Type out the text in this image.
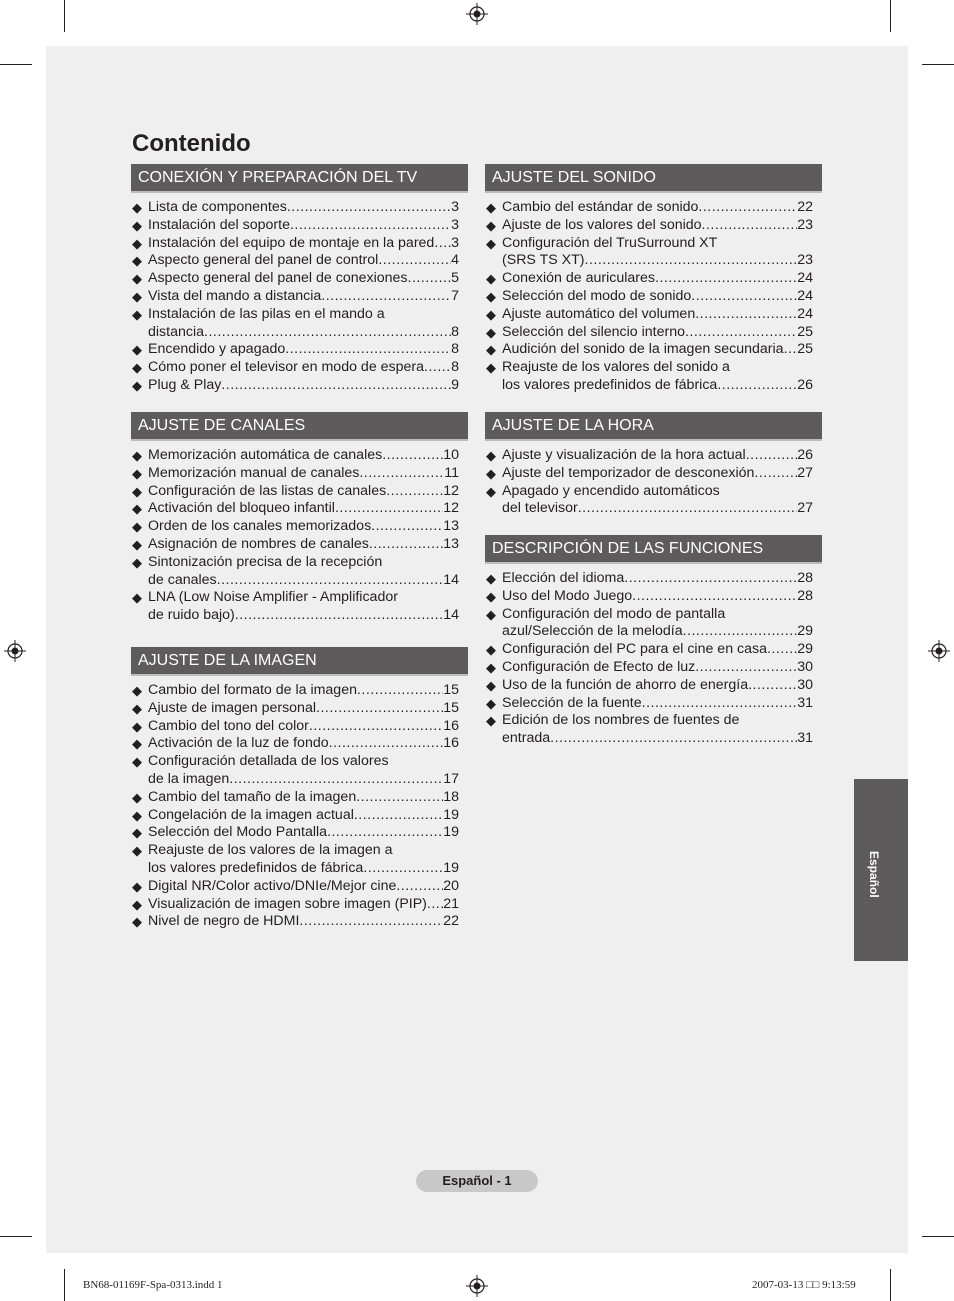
Contenido
CONEXIÓN Y PREPARACIÓN DEL TV
◆ Lista de componentes .....	3
◆ Instalación del soporte .....	3
◆ Instalación del equipo de montaje en la pared ..... 3
◆ Aspecto general del panel de control .....	4
◆ Aspecto general del panel de conexiones .....	5
◆ Vista del mando a distancia .....	7
◆ Instalación de las pilas en el mando a
distancia .....	8
◆ Encendido y apagado .....	8
◆ Cómo poner el televisor en modo de espera ..... 8
◆ Plug & Play .....	9
AJUSTE DE CANALES
◆ Memorización automática de canales .....	10
◆ Memorización manual de canales .....	11
◆ Configuración de las listas de canales .....	12
◆ Activación del bloqueo infantil .....	12
◆ Orden de los canales memorizados .....	13
◆ Asignación de nombres de canales .....	13
◆ Sintonización precisa de la recepción
de canales .....	14
◆ LNA (Low Noise Amplifier - Amplificador
de ruido bajo) .....	14
AJUSTE DE LA IMAGEN
◆ Cambio del formato de la imagen .....	15
◆ Ajuste de imagen personal .....	15
◆ Cambio del tono del color .....	16
◆ Activación de la luz de fondo .....	16
◆ Configuración detallada de los valores
de la imagen .....	17
◆ Cambio del tamaño de la imagen .....	18
◆ Congelación de la imagen actual .....	19
◆ Selección del Modo Pantalla .....	19
◆ Reajuste de los valores de la imagen a
los valores predefinidos de fábrica .....	19
◆ Digital NR/Color activo/DNIe/Mejor cine .....	20
◆ Visualización de imagen sobre imagen (PIP) ..... 21
◆ Nivel de negro de HDMI .....	22
AJUSTE DEL SONIDO
◆ Cambio del estándar de sonido .....	22
◆ Ajuste de los valores del sonido .....	23
◆ Configuración del TruSurround XT
(SRS TS XT) .....	23
◆ Conexión de auriculares .....	24
◆ Selección del modo de sonido .....	24
◆ Ajuste automático del volumen .....	24
◆ Selección del silencio interno .....	25
◆ Audición del sonido de la imagen secundaria ..... 25
◆ Reajuste de los valores del sonido a
los valores predefinidos de fábrica .....	26
AJUSTE DE LA HORA
◆ Ajuste y visualización de la hora actual .....	26
◆ Ajuste del temporizador de desconexión .....	27
◆ Apagado y encendido automáticos
del televisor .....	27
DESCRIPCIÓN DE LAS FUNCIONES
◆ Elección del idioma .....	28
◆ Uso del Modo Juego .....	28
◆ Configuración del modo de pantalla
azul/Selección de la melodía .....	29
◆ Configuración del PC para el cine en casa ..... 29
◆ Configuración de Efecto de luz .....	30
◆ Uso de la función de ahorro de energía .....	30
◆ Selección de la fuente .....	31
◆ Edición de los nombres de fuentes de
entrada .....	31
Español
Español - 1
BN68-01169F-Spa-0313.indd 1	2007-03-13 □□ 9:13:59
